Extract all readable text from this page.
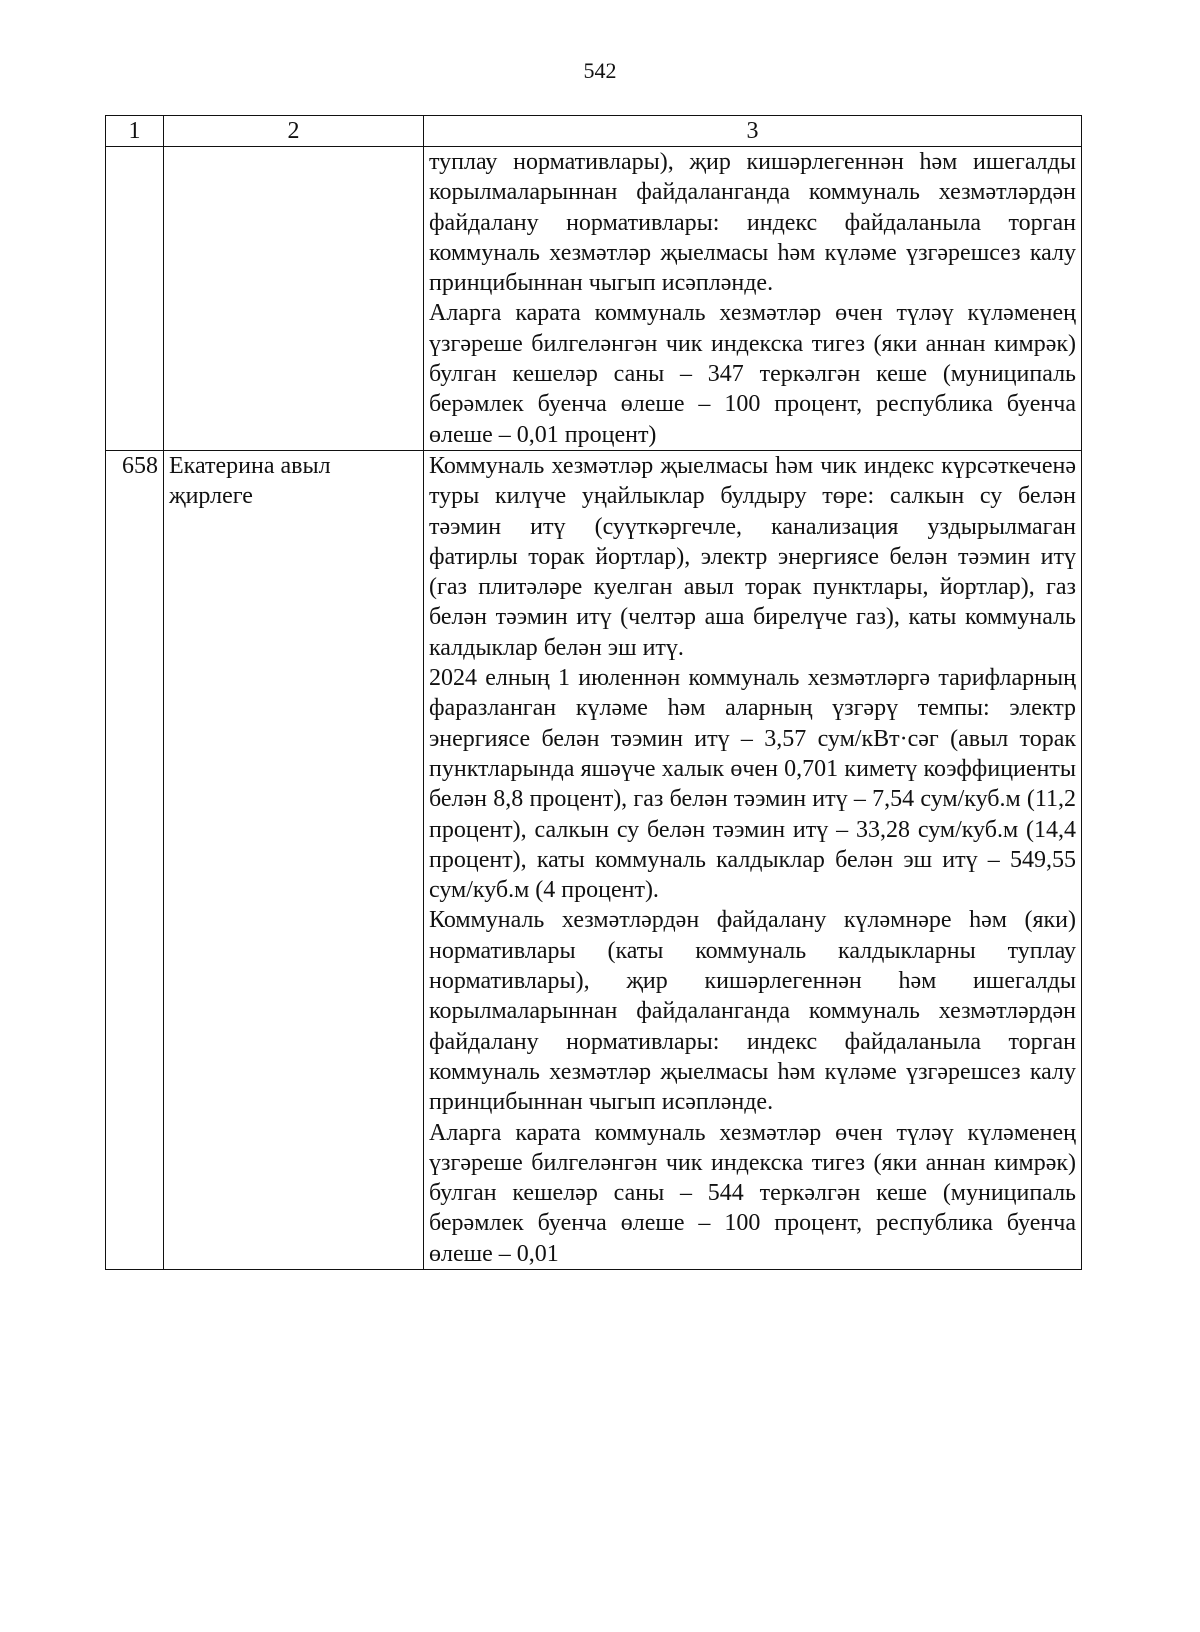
542
1	2	3

		туплау нормативлары), җир кишәрлегеннән һәм ишегалды корылмаларыннан файдаланганда коммуналь хезмәтләрдән файдалану нормативлары: индекс файдаланыла торган коммуналь хезмәтләр җыелмасы һәм күләме үзгәрешсез калу принцибыннан чыгып исәпләнде.

Аларга карата коммуналь хезмәтләр өчен түләү күләменең үзгәреше билгеләнгән чик индекска тигез (яки аннан кимрәк) булган кешеләр саны – 347 теркәлгән кеше (муниципаль берәмлек буенча өлеше – 100 процент, республика буенча өлеше – 0,01 процент)

658	Екатерина авыл җирлеге	Коммуналь хезмәтләр җыелмасы һәм чик индекс күрсәткеченә туры килүче уңайлыклар булдыру төре: салкын су белән тәэмин итү (суүткәргечле, канализация уздырылмаган фатирлы торак йортлар), электр энергиясе белән тәэмин итү (газ плитәләре куелган авыл торак пунктлары, йортлар), газ белән тәэмин итү (челтәр аша бирелүче газ), каты коммуналь калдыклар белән эш итү.

2024 елның 1 июленнән коммуналь хезмәтләргә тарифларның фаразланган күләме һәм аларның үзгәрү темпы: электр энергиясе белән тәэмин итү – 3,57 сум/кВт·сәг (авыл торак пунктларында яшәүче халык өчен 0,701 киметү коэффициенты белән 8,8 процент), газ белән тәэмин итү – 7,54 сум/куб.м (11,2 процент), салкын су белән тәэмин итү – 33,28 сум/куб.м (14,4 процент), каты коммуналь калдыклар белән эш итү – 549,55 сум/куб.м (4 процент).

Коммуналь хезмәтләрдән файдалану күләмнәре һәм (яки) нормативлары (каты коммуналь калдыкларны туплау нормативлары), җир кишәрлегеннән һәм ишегалды корылмаларыннан файдаланганда коммуналь хезмәтләрдән файдалану нормативлары: индекс файдаланыла торган коммуналь хезмәтләр җыелмасы һәм күләме үзгәрешсез калу принцибыннан чыгып исәпләнде.

Аларга карата коммуналь хезмәтләр өчен түләү күләменең үзгәреше билгеләнгән чик индекска тигез (яки аннан кимрәк) булган кешеләр саны – 544 теркәлгән кеше (муниципаль берәмлек буенча өлеше – 100 процент, республика буенча өлеше – 0,01
